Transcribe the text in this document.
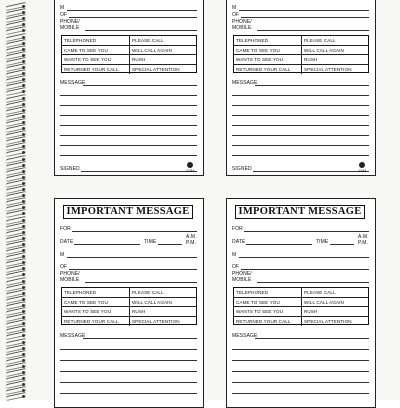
M
OF
PHONE/
MOBILE
TELEPHONED	PLEASE CALL
CAME TO SEE YOU	WILL CALL AGAIN
WANTS TO SEE YOU	RUSH
RETURNED YOUR CALL	SPECIAL ATTENTION
MESSAGE
SIGNED	1184
M
OF
PHONE/
MOBILE
TELEPHONED	PLEASE CALL
CAME TO SEE YOU	WILL CALL AGAIN
WANTS TO SEE YOU	RUSH
RETURNED YOUR CALL	SPECIAL ATTENTION
MESSAGE
SIGNED	1184
IMPORTANT MESSAGE
FOR
DATE	TIME
A.M.
P.M.
M
OF
PHONE/
MOBILE
TELEPHONED	PLEASE CALL
CAME TO SEE YOU	WILL CALL AGAIN
WANTS TO SEE YOU	RUSH
RETURNED YOUR CALL	SPECIAL ATTENTION
MESSAGE
IMPORTANT MESSAGE
FOR
DATE	TIME
A.M.
P.M.
M
OF
PHONE/
MOBILE
TELEPHONED	PLEASE CALL
CAME TO SEE YOU	WILL CALL AGAIN
WANTS TO SEE YOU	RUSH
RETURNED YOUR CALL	SPECIAL ATTENTION
MESSAGE
